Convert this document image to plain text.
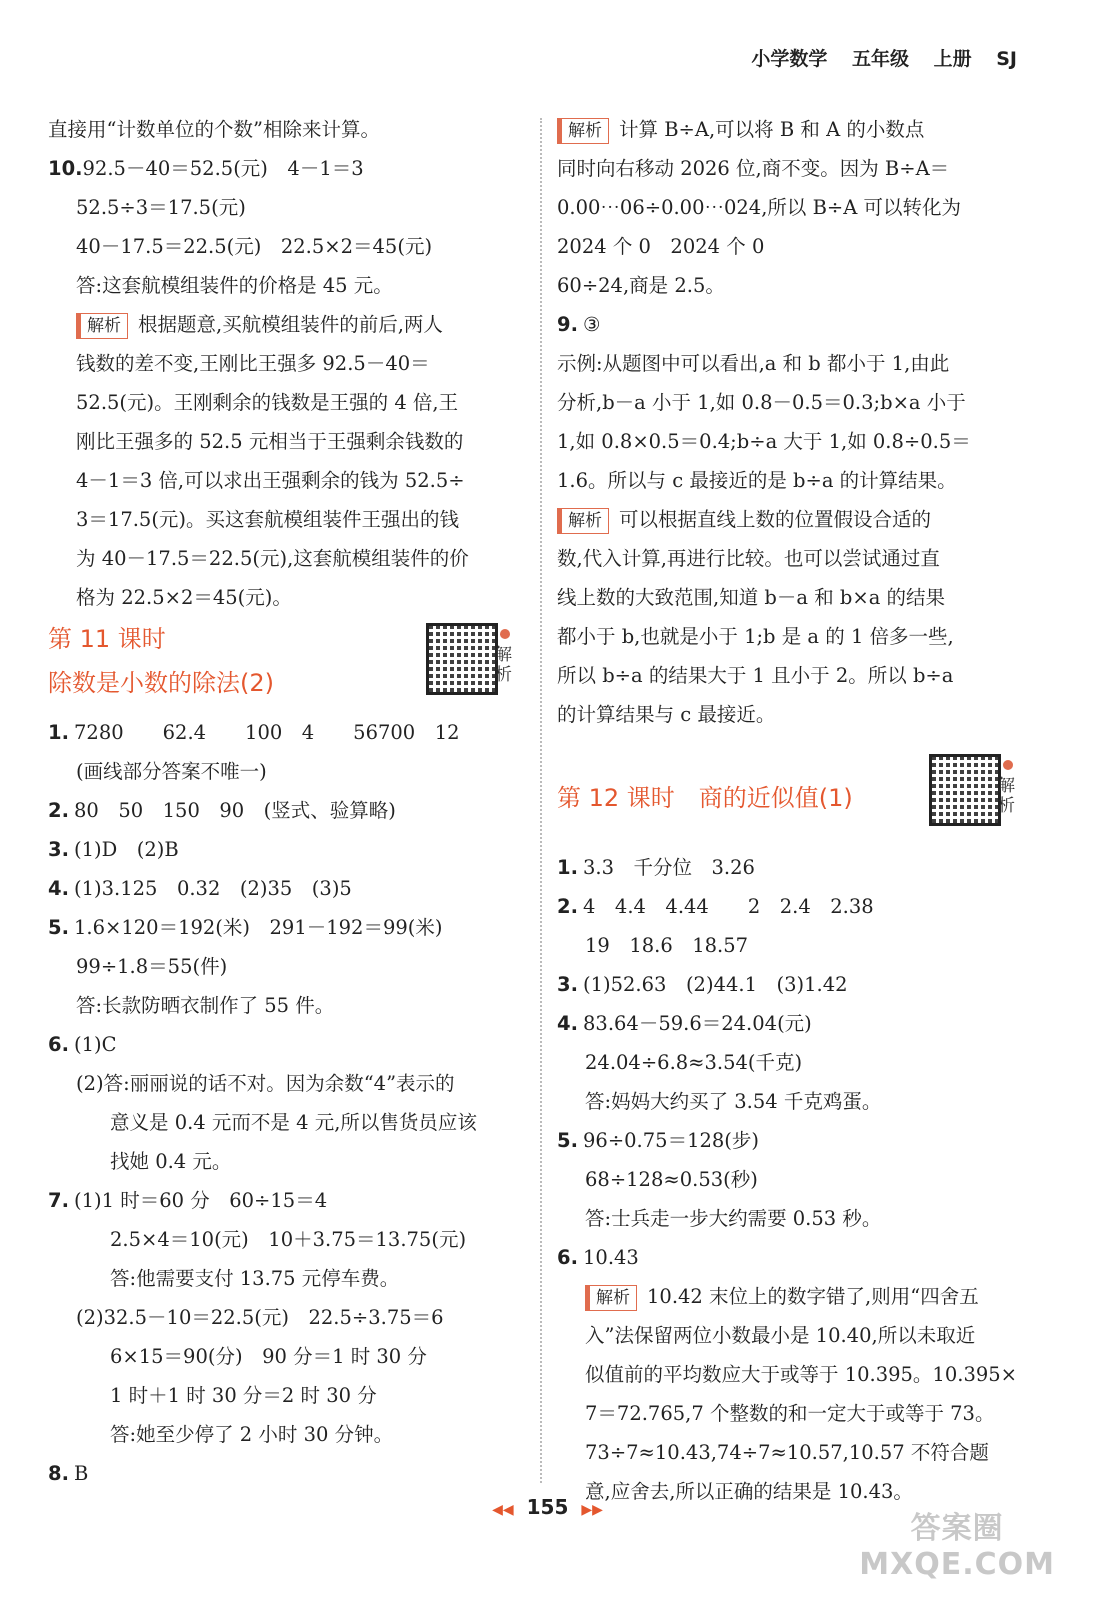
小学数学 五年级 上册 SJ
直接用“计数单位的个数”相除来计算。
10.92.5－40＝52.5(元)　4－1＝3
52.5÷3＝17.5(元)
40－17.5＝22.5(元)　22.5×2＝45(元)
答:这套航模组装件的价格是 45 元。
解析 根据题意,买航模组装件的前后,两人
钱数的差不变,王刚比王强多 92.5－40＝
52.5(元)。王刚剩余的钱数是王强的 4 倍,王
刚比王强多的 52.5 元相当于王强剩余钱数的
4－1＝3 倍,可以求出王强剩余的钱为 52.5÷
3＝17.5(元)。买这套航模组装件王强出的钱
为 40－17.5＝22.5(元),这套航模组装件的价
格为 22.5×2＝45(元)。
第 11 课时
除数是小数的除法(2)
解析
1. 7280　　62.4　　100　4　　56700　12
(画线部分答案不唯一)
2. 80　50　150　90　(竖式、验算略)
3. (1)D　(2)B
4. (1)3.125　0.32　(2)35　(3)5
5. 1.6×120＝192(米)　291－192＝99(米)
99÷1.8＝55(件)
答:长款防晒衣制作了 55 件。
6. (1)C
(2)答:丽丽说的话不对。因为余数“4”表示的
意义是 0.4 元而不是 4 元,所以售货员应该
找她 0.4 元。
7. (1)1 时＝60 分　60÷15＝4
2.5×4＝10(元)　10＋3.75＝13.75(元)
答:他需要支付 13.75 元停车费。
(2)32.5－10＝22.5(元)　22.5÷3.75＝6
6×15＝90(分)　90 分＝1 时 30 分
1 时＋1 时 30 分＝2 时 30 分
答:她至少停了 2 小时 30 分钟。
8. B
解析 计算 B÷A,可以将 B 和 A 的小数点
同时向右移动 2026 位,商不变。因为 B÷A＝
0.00⋯06÷0.00⋯024,所以 B÷A 可以转化为
2024 个 0　2024 个 0
60÷24,商是 2.5。
9. ③
示例:从题图中可以看出,a 和 b 都小于 1,由此
分析,b－a 小于 1,如 0.8－0.5＝0.3;b×a 小于
1,如 0.8×0.5＝0.4;b÷a 大于 1,如 0.8÷0.5＝
1.6。所以与 c 最接近的是 b÷a 的计算结果。
解析 可以根据直线上数的位置假设合适的
数,代入计算,再进行比较。也可以尝试通过直
线上数的大致范围,知道 b－a 和 b×a 的结果
都小于 b,也就是小于 1;b 是 a 的 1 倍多一些,
所以 b÷a 的结果大于 1 且小于 2。所以 b÷a
的计算结果与 c 最接近。
第 12 课时　 商的近似值(1)	解析
1. 3.3　千分位　3.26
2. 4　4.4　4.44　　2　2.4　2.38
19　18.6　18.57
3. (1)52.63　(2)44.1　(3)1.42
4. 83.64－59.6＝24.04(元)
24.04÷6.8≈3.54(千克)
答:妈妈大约买了 3.54 千克鸡蛋。
5. 96÷0.75＝128(步)
68÷128≈0.53(秒)
答:士兵走一步大约需要 0.53 秒。
6. 10.43
解析 10.42 末位上的数字错了,则用“四舍五
入”法保留两位小数最小是 10.40,所以未取近
似值前的平均数应大于或等于 10.395。10.395×
7＝72.765,7 个整数的和一定大于或等于 73。
73÷7≈10.43,74÷7≈10.57,10.57 不符合题
意,应舍去,所以正确的结果是 10.43。
◀◀ 155 ▶▶
答案圈
MXQE.COM
